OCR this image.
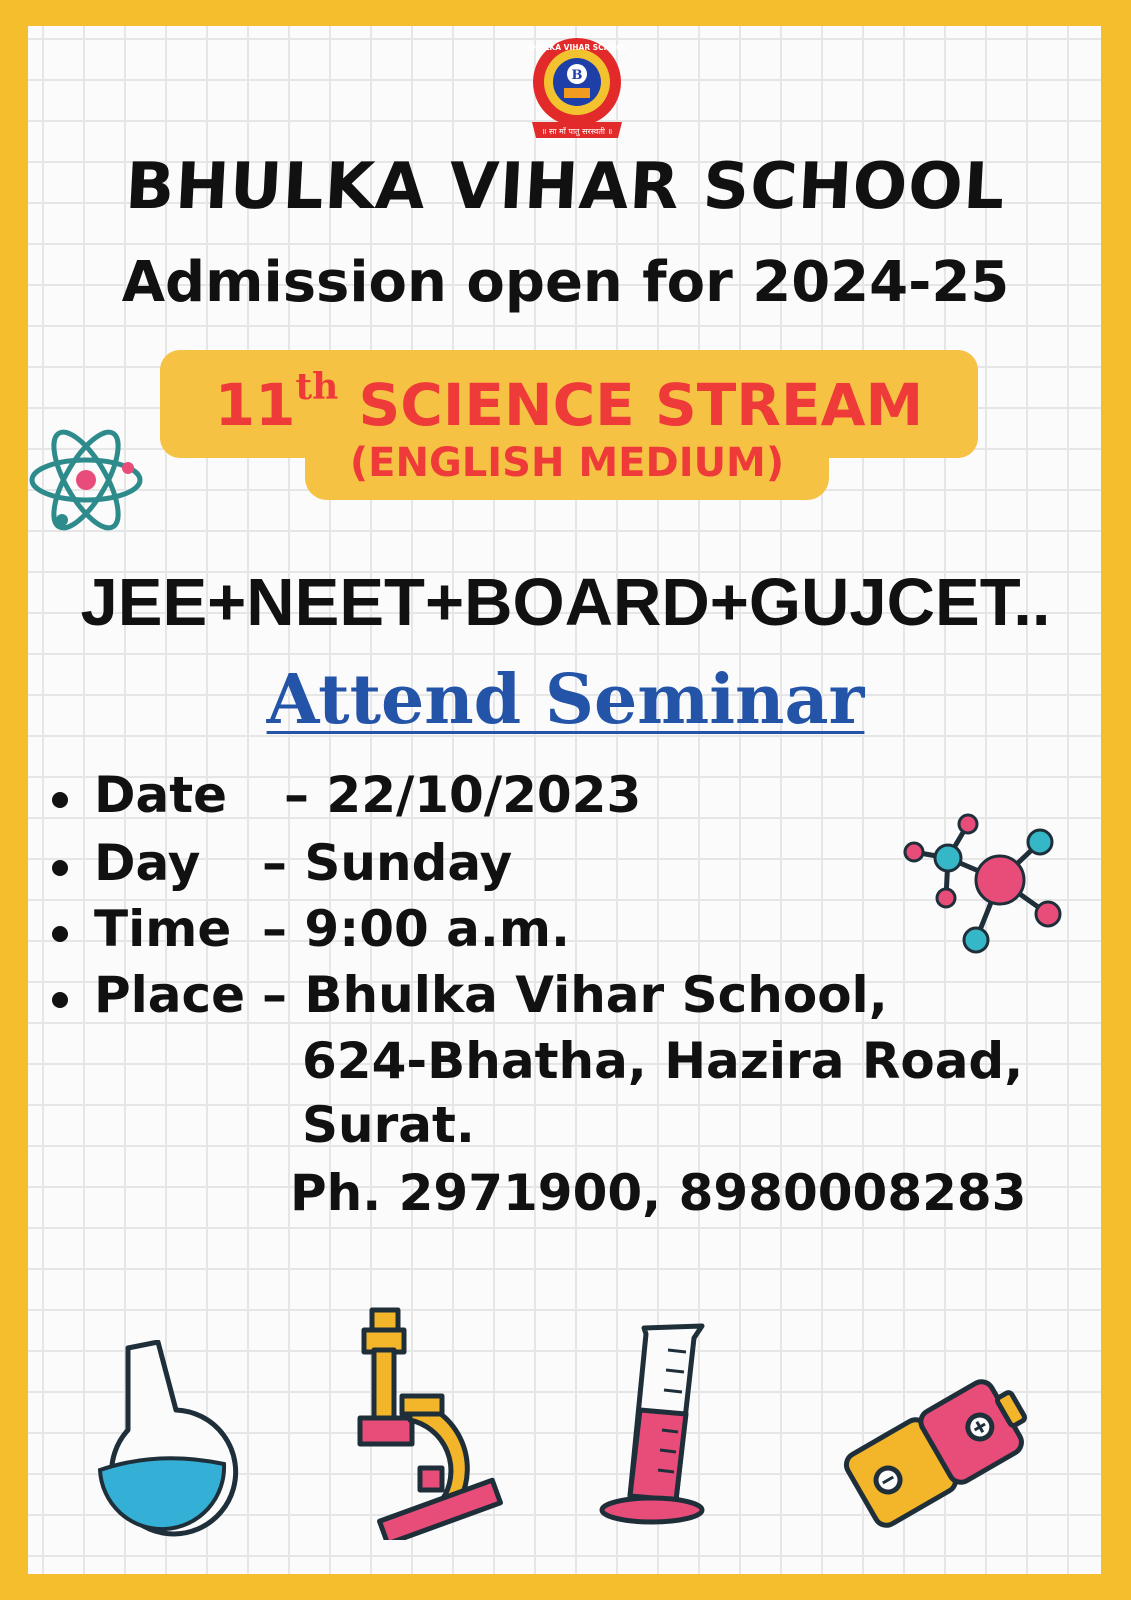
B
BHULKA VIHAR SCHOOL
॥ सा माँ पातु सरस्वती ॥
BHULKA VIHAR SCHOOL
Admission open for 2024-25
11th SCIENCE STREAM
(ENGLISH MEDIUM)
JEE+NEET+BOARD+GUJCET..
Attend Seminar
Date – 22/10/2023
Day – Sunday
Time – 9:00 a.m.
Place – Bhulka Vihar School,
624-Bhatha, Hazira Road,
Surat.
Ph. 2971900, 8980008283
